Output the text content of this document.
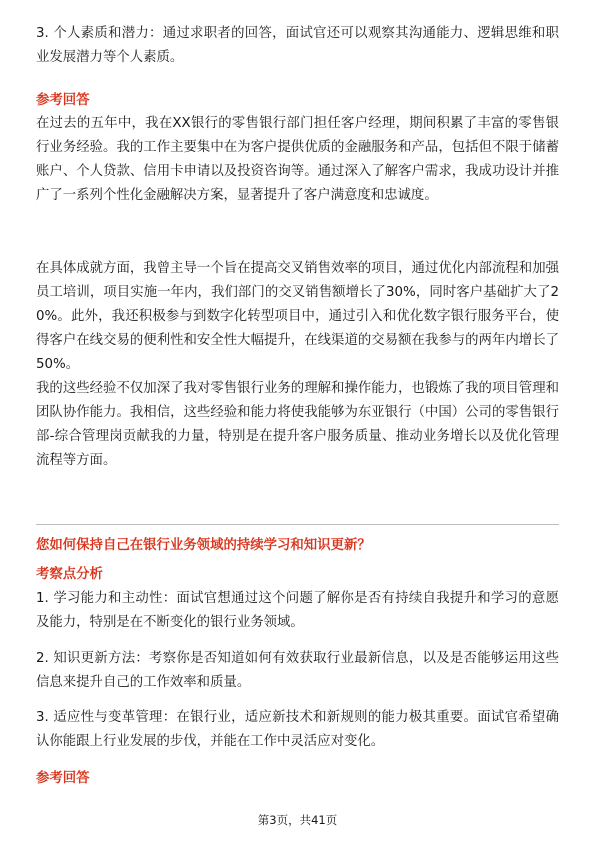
3. 个人素质和潜力：通过求职者的回答，面试官还可以观察其沟通能力、逻辑思维和职业发展潜力等个人素质。

参考回答

在过去的五年中，我在XX银行的零售银行部门担任客户经理，期间积累了丰富的零售银行业务经验。我的工作主要集中在为客户提供优质的金融服务和产品，包括但不限于储蓄账户、个人贷款、信用卡申请以及投资咨询等。通过深入了解客户需求，我成功设计并推广了一系列个性化金融解决方案，显著提升了客户满意度和忠诚度。

在具体成就方面，我曾主导一个旨在提高交叉销售效率的项目，通过优化内部流程和加强员工培训，项目实施一年内，我们部门的交叉销售额增长了30%，同时客户基础扩大了20%。此外，我还积极参与到数字化转型项目中，通过引入和优化数字银行服务平台，使得客户在线交易的便利性和安全性大幅提升，在线渠道的交易额在我参与的两年内增长了50%。

我的这些经验不仅加深了我对零售银行业务的理解和操作能力，也锻炼了我的项目管理和团队协作能力。我相信，这些经验和能力将使我能够为东亚银行（中国）公司的零售银行部-综合管理岗贡献我的力量，特别是在提升客户服务质量、推动业务增长以及优化管理流程等方面。

您如何保持自己在银行业务领域的持续学习和知识更新？

考察点分析

1. 学习能力和主动性：面试官想通过这个问题了解你是否有持续自我提升和学习的意愿及能力，特别是在不断变化的银行业务领域。

2. 知识更新方法：考察你是否知道如何有效获取行业最新信息，以及是否能够运用这些信息来提升自己的工作效率和质量。

3. 适应性与变革管理：在银行业，适应新技术和新规则的能力极其重要。面试官希望确认你能跟上行业发展的步伐，并能在工作中灵活应对变化。

参考回答

第3页，共41页
